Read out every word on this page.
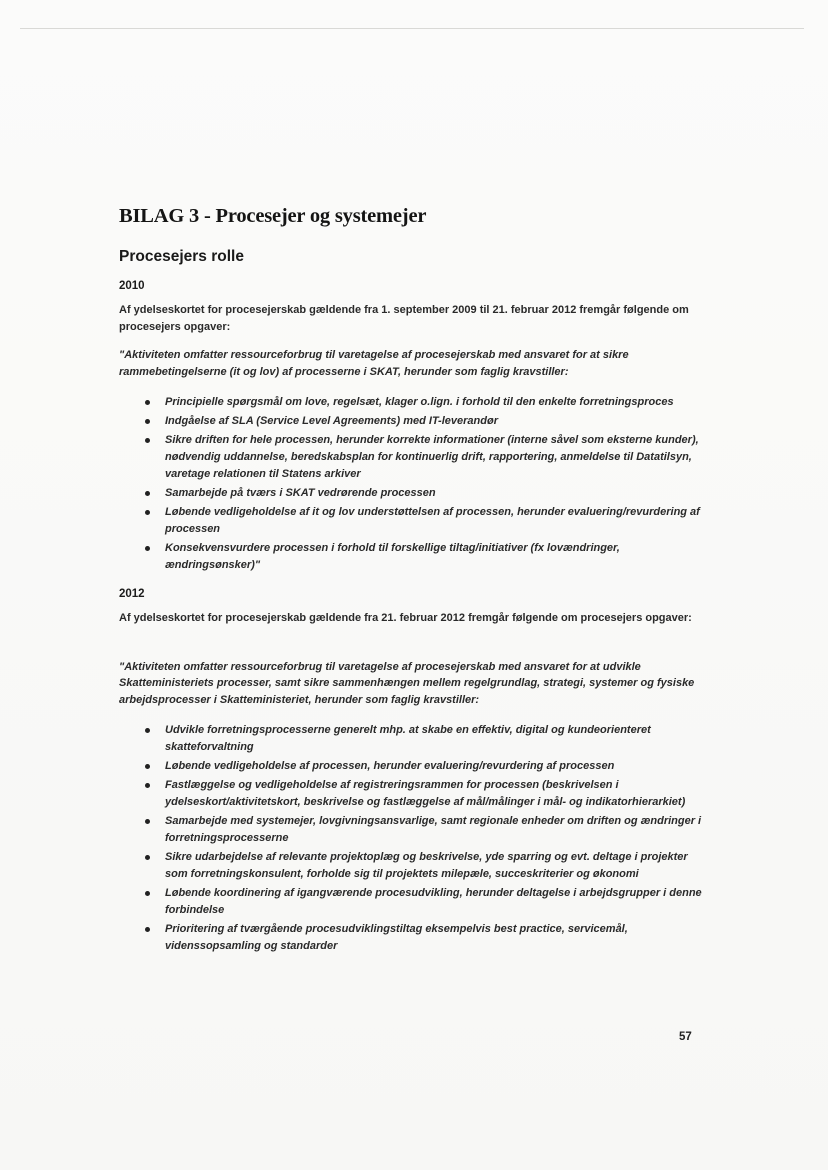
BILAG 3 - Procesejer og systemejer
Procesejers rolle
2010

Af ydelseskortet for procesejerskab gældende fra 1. september 2009 til 21. februar 2012 fremgår følgende om procesejers opgaver:

"Aktiviteten omfatter ressourceforbrug til varetagelse af procesejerskab med ansvaret for at sikre rammebetingelserne (it og lov) af processerne i SKAT, herunder som faglig kravstiller:

Principielle spørgsmål om love, regelsæt, klager o.lign. i forhold til den enkelte forretningsproces
Indgåelse af SLA (Service Level Agreements) med IT-leverandør
Sikre driften for hele processen, herunder korrekte informationer (interne såvel som eksterne kunder), nødvendig uddannelse, beredskabsplan for kontinuerlig drift, rapportering, anmeldelse til Datatilsyn, varetage relationen til Statens arkiver
Samarbejde på tværs i SKAT vedrørende processen
Løbende vedligeholdelse af it og lov understøttelsen af processen, herunder evaluering/revurdering af processen
Konsekvensvurdere processen i forhold til forskellige tiltag/initiativer (fx lovændringer, ændringsønsker)"
2012

Af ydelseskortet for procesejerskab gældende fra 21. februar 2012 fremgår følgende om procesejers opgaver:

"Aktiviteten omfatter ressourceforbrug til varetagelse af procesejerskab med ansvaret for at udvikle Skatteministeriets processer, samt sikre sammenhængen mellem regelgrundlag, strategi, systemer og fysiske arbejdsprocesser i Skatteministeriet, herunder som faglig kravstiller:

Udvikle forretningsprocesserne generelt mhp. at skabe en effektiv, digital og kundeorienteret skatteforvaltning
Løbende vedligeholdelse af processen, herunder evaluering/revurdering af processen
Fastlæggelse og vedligeholdelse af registreringsrammen for processen (beskrivelsen i ydelseskort/aktivitetskort, beskrivelse og fastlæggelse af mål/målinger i mål- og indikatorhierarkiet)
Samarbejde med systemejer, lovgivningsansvarlige, samt regionale enheder om driften og ændringer i forretningsprocesserne
Sikre udarbejdelse af relevante projektoplæg og beskrivelse, yde sparring og evt. deltage i projekter som forretningskonsulent, forholde sig til projektets milepæle, succeskriterier og økonomi
Løbende koordinering af igangværende procesudvikling, herunder deltagelse i arbejdsgrupper i denne forbindelse
Prioritering af tværgående procesudviklingstiltag eksempelvis best practice, servicemål, videnssopsamling og standarder
57
